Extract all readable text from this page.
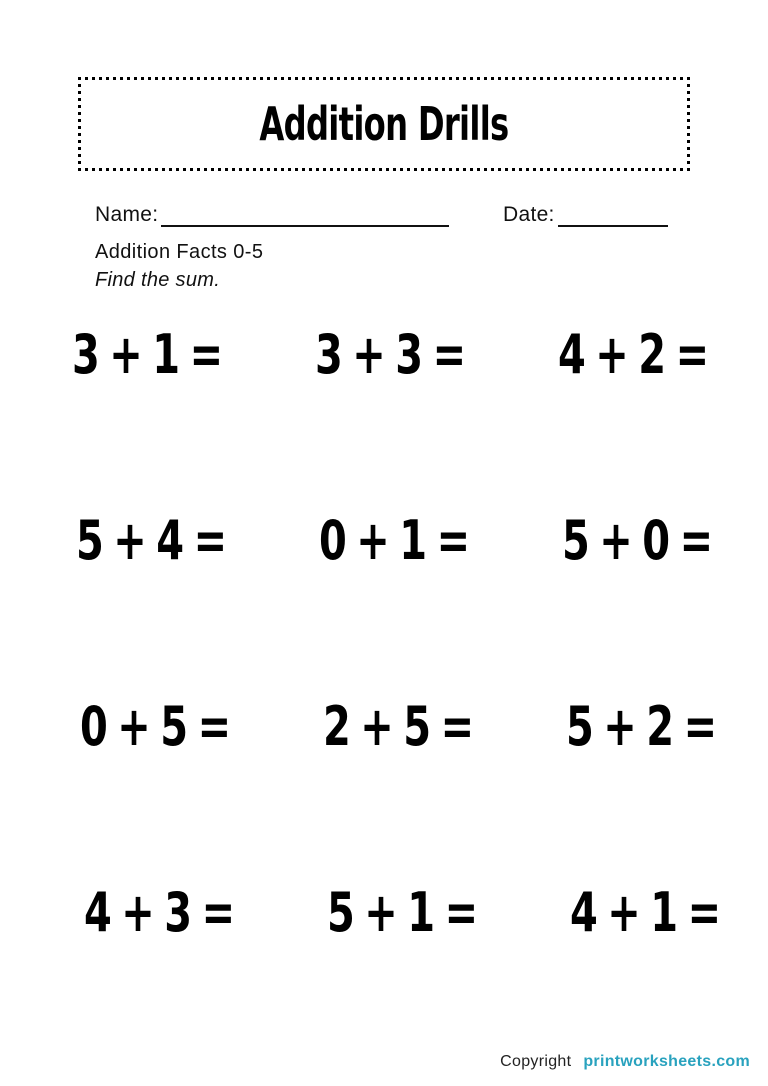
Addition Drills
Name:	Date:
Addition Facts 0-5
Find the sum.
3 + 1 =	3 + 3 =	4 + 2 =
5 + 4 =	0 + 1 =	5 + 0 =
0 + 5 =	2 + 5 =	5 + 2 =
4 + 3 =	5 + 1 =	4 + 1 =
Copyright printworksheets.com
